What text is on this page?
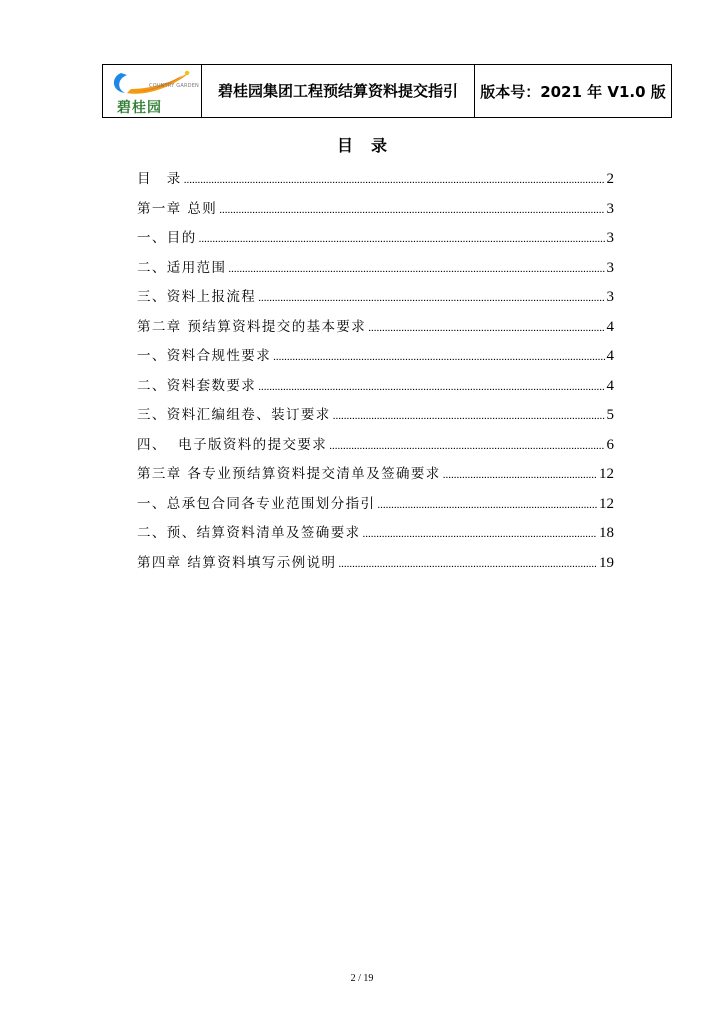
COUNTRY GARDEN
碧桂园
	碧桂园集团工程预结算资料提交指引	版本号：2021 年 V1.0 版
目录
目　录 .....	2
第一章 总则 .....	3
一、目的 .....	3
二、适用范围 .....	3
三、资料上报流程 .....	3
第二章 预结算资料提交的基本要求 .....	4
一、资料合规性要求 .....	4
二、资料套数要求 .....	4
三、资料汇编组卷、装订要求 .....	5
四、  电子版资料的提交要求 .....	6
第三章 各专业预结算资料提交清单及签确要求 .....	12
一、总承包合同各专业范围划分指引 .....	12
二、预、结算资料清单及签确要求 .....	18
第四章 结算资料填写示例说明 .....	19
2 / 19
